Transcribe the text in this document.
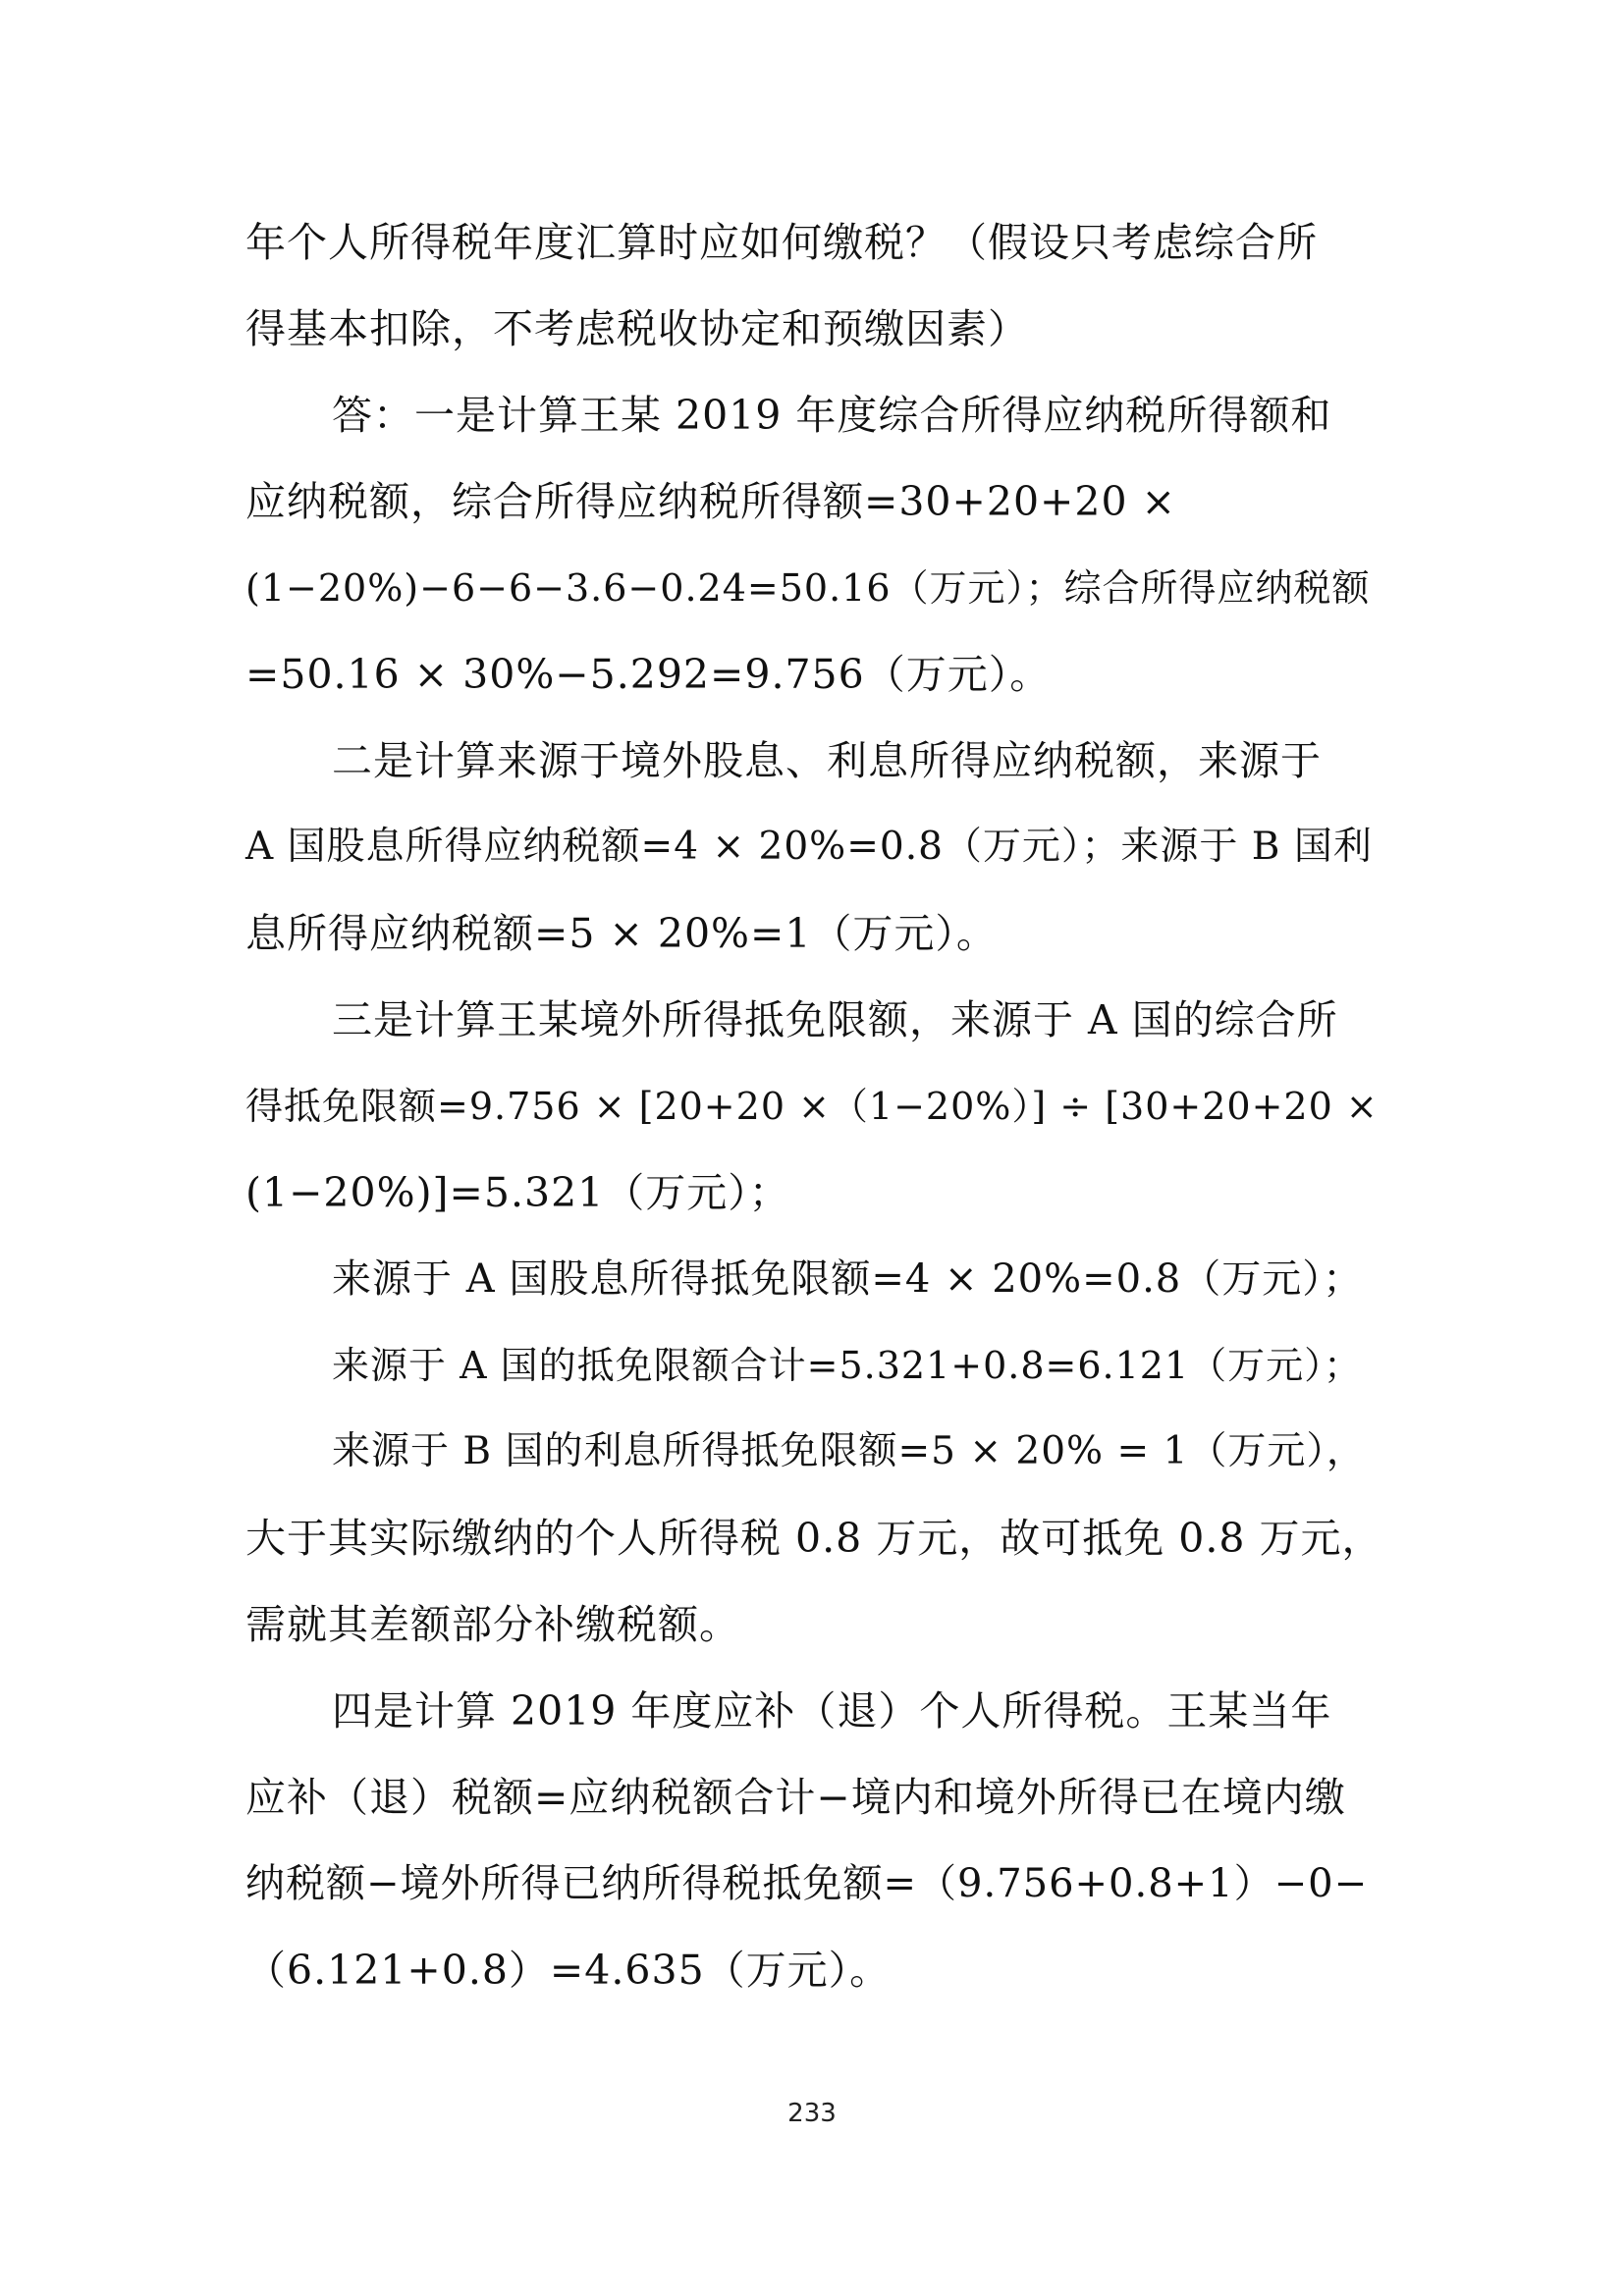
年个人所得税年度汇算时应如何缴税？（假设只考虑综合所
得基本扣除，不考虑税收协定和预缴因素）
答：一是计算王某 2019 年度综合所得应纳税所得额和
应纳税额，综合所得应纳税所得额=30+20+20 ×
(1−20%)−6−6−3.6−0.24=50.16（万元）；综合所得应纳税额
=50.16 × 30%−5.292=9.756（万元）。
二是计算来源于境外股息、利息所得应纳税额，来源于
A 国股息所得应纳税额=4 × 20%=0.8（万元）；来源于 B 国利
息所得应纳税额=5 × 20%=1（万元）。
三是计算王某境外所得抵免限额，来源于 A 国的综合所
得抵免限额=9.756 × [20+20 ×（1−20%）] ÷ [30+20+20 ×
(1−20%)]=5.321（万元）；
来源于 A 国股息所得抵免限额=4 × 20%=0.8（万元）；
来源于 A 国的抵免限额合计=5.321+0.8=6.121（万元）；
来源于 B 国的利息所得抵免限额=5 × 20% = 1（万元），
大于其实际缴纳的个人所得税 0.8 万元，故可抵免 0.8 万元，
需就其差额部分补缴税额。
四是计算 2019 年度应补（退）个人所得税。王某当年
应补（退）税额=应纳税额合计−境内和境外所得已在境内缴
纳税额−境外所得已纳所得税抵免额=（9.756+0.8+1）−0−
（6.121+0.8）=4.635（万元）。
233
